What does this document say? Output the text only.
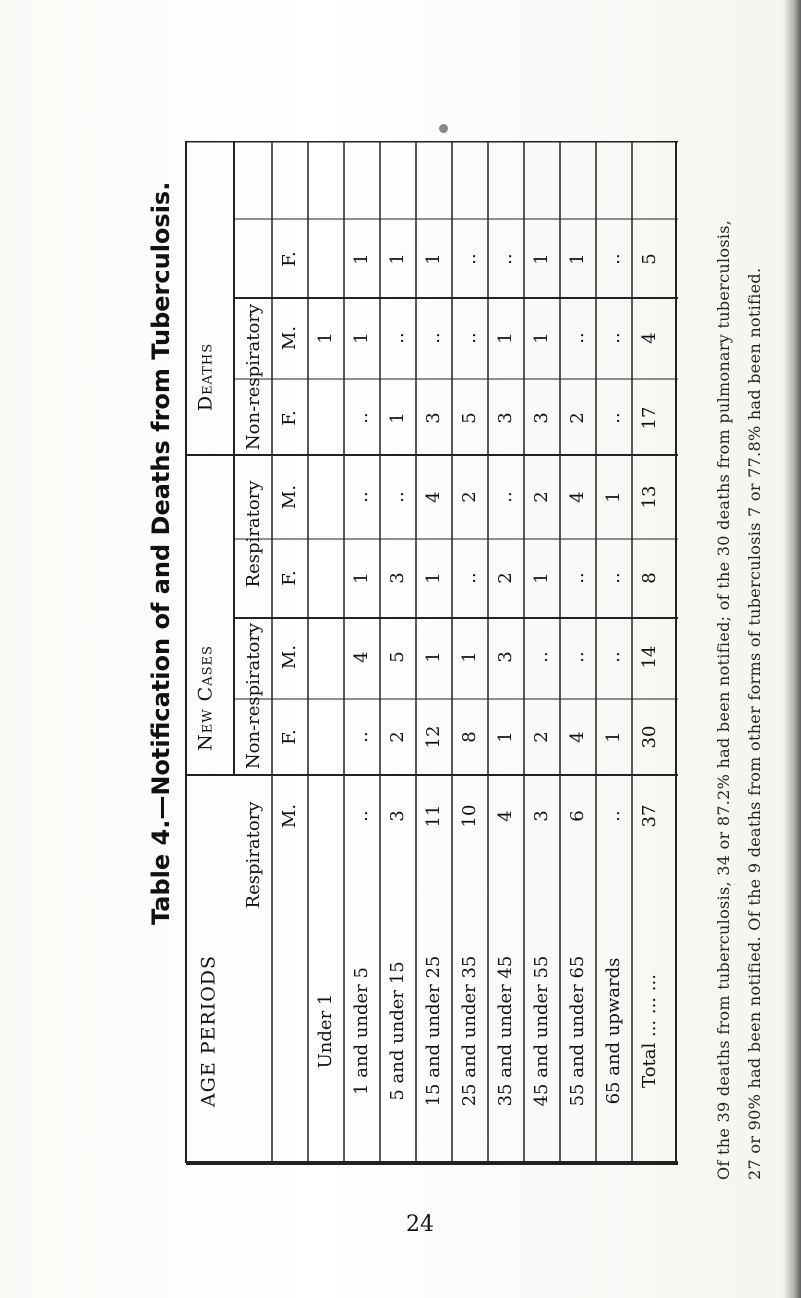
Table 4.—Notification of and Deaths from Tuberculosis.
AGE PERIODS
New Cases
Deaths
Respiratory
Non-respiratory
Respiratory
Non-respiratory
M.
F.
M.
F.
M.
F.
M.
F.
Under 1
1
1 and under 5
..
..
4
1
..
..
1
1
5 and under 15
3
2
5
3
..
1
..
1
15 and under 25
11
12
1
1
4
3
..
1
25 and under 35
10
8
1
..
2
5
..
..
35 and under 45
4
1
3
2
..
3
1
..
45 and under 55
3
2
..
1
2
3
1
1
55 and under 65
6
4
..
..
4
2
..
1
65 and upwards
..
1
..
..
1
..
..
..
Total ... ... ...
37
30
14
8
13
17
4
5	Of the 39 deaths from tuberculosis, 34 or 87.2% had been notified; of the 30 deaths from pulmonary tuberculosis, 27 or 90% had been notified. Of the 9 deaths from other forms of tuberculosis 7 or 77.8% had been notified.
24
